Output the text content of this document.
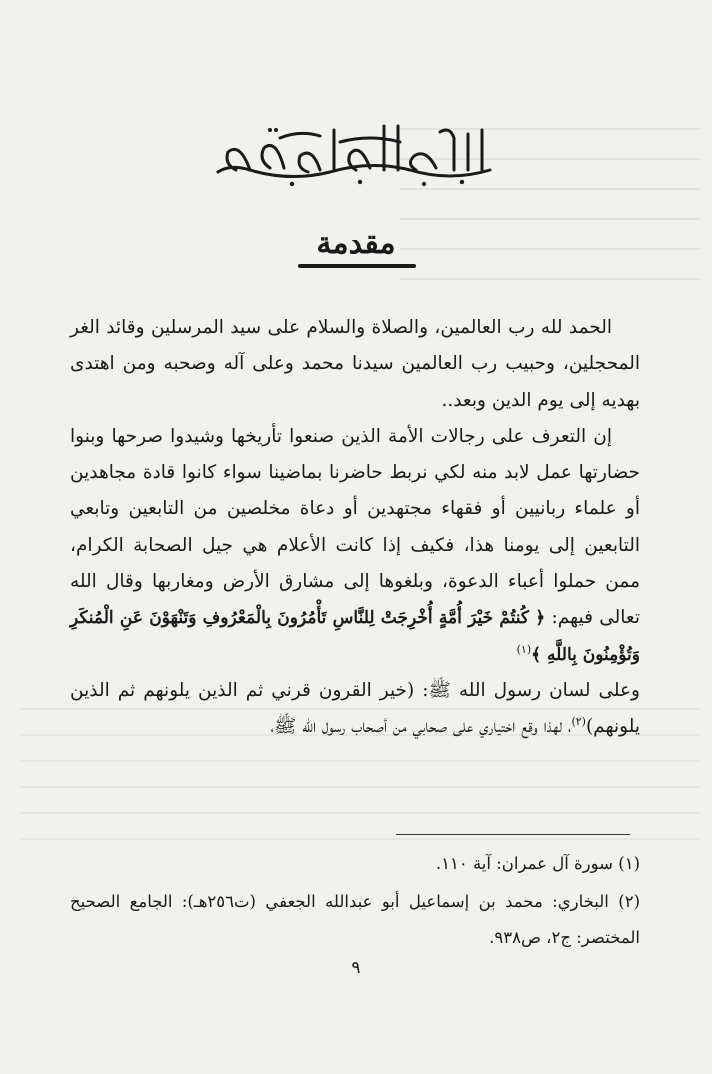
مقدمة

الحمد لله رب العالمين، والصلاة والسلام على سيد المرسلين وقائد الغر المحجلين، وحبيب رب العالمين سيدنا محمد وعلى آله وصحبه ومن اهتدى بهديه إلى يوم الدين وبعد..

إن التعرف على رجالات الأمة الذين صنعوا تأريخها وشيدوا صرحها وبنوا حضارتها عمل لابد منه لكي نربط حاضرنا بماضينا سواء كانوا قادة مجاهدين أو علماء ربانيين أو فقهاء مجتهدين أو دعاة مخلصين من التابعين وتابعي التابعين إلى يومنا هذا، فكيف إذا كانت الأعلام هي جيل الصحابة الكرام، ممن حملوا أعباء الدعوة، وبلغوها إلى مشارق الأرض ومغاربها وقال الله تعالى فيهم: ﴿ كُنتُمْ خَيْرَ أُمَّةٍ أُخْرِجَتْ لِلنَّاسِ تَأْمُرُونَ بِالْمَعْرُوفِ وَتَنْهَوْنَ عَنِ الْمُنكَرِ وَتُؤْمِنُونَ بِاللَّهِ ﴾$^{(١)}$

وعلى لسان رسول الله ﷺ: (خير القرون قرني ثم الذين يلونهم ثم الذين يلونهم)$^{(٢)}$، لهذا وقع اختياري على صحابي من أصحاب رسول الله ﷺ،

(١) سورة آل عمران: آية ١١٠.

(٢) البخاري: محمد بن إسماعيل أبو عبدالله الجعفي (ت٢٥٦هـ): الجامع الصحيح المختصر: ج٢، ص٩٣٨.

٩
